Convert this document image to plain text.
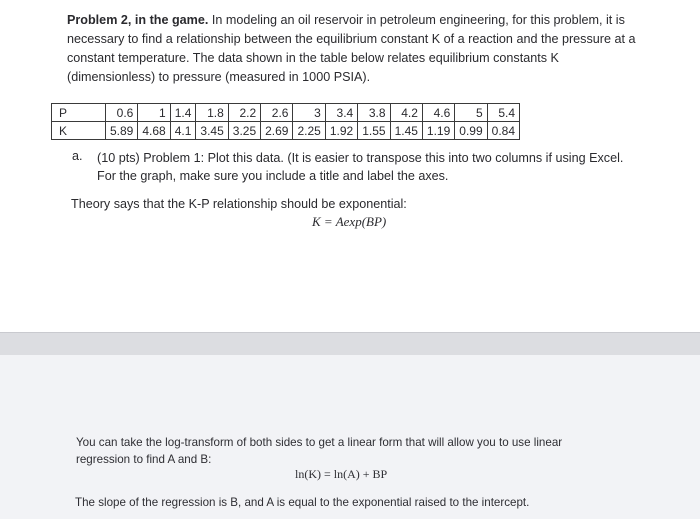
Problem 2, in the game. In modeling an oil reservoir in petroleum engineering, for this problem, it is necessary to find a relationship between the equilibrium constant K of a reaction and the pressure at a constant temperature. The data shown in the table below relates equilibrium constants K (dimensionless) to pressure (measured in 1000 PSIA).

P	0.6	1	1.4	1.8	2.2	2.6	3	3.4	3.8	4.2	4.6	5	5.4
K	5.89	4.68	4.1	3.45	3.25	2.69	2.25	1.92	1.55	1.45	1.19	0.99	0.84

a. (10 pts) Problem 1: Plot this data. (It is easier to transpose this into two columns if using Excel. For the graph, make sure you include a title and label the axes.

Theory says that the K-P relationship should be exponential:

K = Aexp(BP)

You can take the log-transform of both sides to get a linear form that will allow you to use linear regression to find A and B:

ln(K) = ln(A) + BP

The slope of the regression is B, and A is equal to the exponential raised to the intercept.
